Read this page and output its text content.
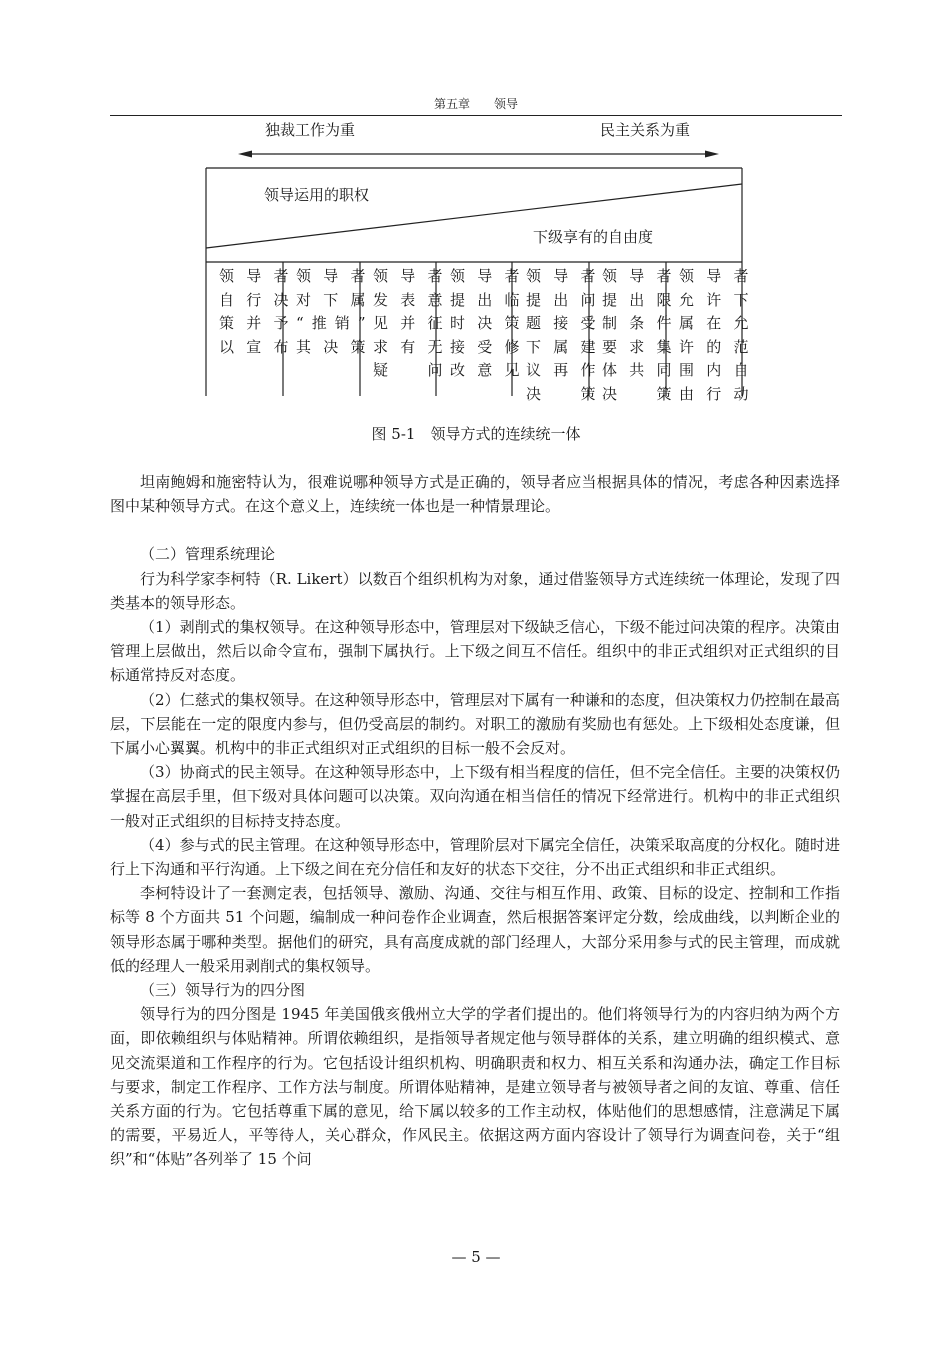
第五章 领导
独裁工作为重	民主关系为重
领导运用的职权
下级享有的自由度
领导者
自行决
策并予
以宣布
领导者
对下属
“推销”
其决策
领导者
发表意
见并征
求有无
疑 问
领导者
提出临
时决策
接受修
改意见
领导者
提出问
题接受
下属建
议再作
决 策
领导者
提出限
制条件
要求集
体共同
决 策
领导者
允许下
属在允
许的范
围内自
由行动
图 5-1　领导方式的连续统一体

坦南鲍姆和施密特认为，很难说哪种领导方式是正确的，领导者应当根据具体的情况，考虑各种因素选择图中某种领导方式。在这个意义上，连续统一体也是一种情景理论。

（二）管理系统理论

行为科学家李柯特（R. Likert）以数百个组织机构为对象，通过借鉴领导方式连续统一体理论，发现了四类基本的领导形态。

（1）剥削式的集权领导。在这种领导形态中，管理层对下级缺乏信心，下级不能过问决策的程序。决策由管理上层做出，然后以命令宣布，强制下属执行。上下级之间互不信任。组织中的非正式组织对正式组织的目标通常持反对态度。

（2）仁慈式的集权领导。在这种领导形态中，管理层对下属有一种谦和的态度，但决策权力仍控制在最高层，下层能在一定的限度内参与，但仍受高层的制约。对职工的激励有奖励也有惩处。上下级相处态度谦，但下属小心翼翼。机构中的非正式组织对正式组织的目标一般不会反对。

（3）协商式的民主领导。在这种领导形态中，上下级有相当程度的信任，但不完全信任。主要的决策权仍掌握在高层手里，但下级对具体问题可以决策。双向沟通在相当信任的情况下经常进行。机构中的非正式组织一般对正式组织的目标持支持态度。

（4）参与式的民主管理。在这种领导形态中，管理阶层对下属完全信任，决策采取高度的分权化。随时进行上下沟通和平行沟通。上下级之间在充分信任和友好的状态下交往，分不出正式组织和非正式组织。

李柯特设计了一套测定表，包括领导、激励、沟通、交往与相互作用、政策、目标的设定、控制和工作指标等 8 个方面共 51 个问题，编制成一种问卷作企业调查，然后根据答案评定分数，绘成曲线，以判断企业的领导形态属于哪种类型。据他们的研究，具有高度成就的部门经理人，大部分采用参与式的民主管理，而成就低的经理人一般采用剥削式的集权领导。

（三）领导行为的四分图

领导行为的四分图是 1945 年美国俄亥俄州立大学的学者们提出的。他们将领导行为的内容归纳为两个方面，即依赖组织与体贴精神。所谓依赖组织，是指领导者规定他与领导群体的关系，建立明确的组织模式、意见交流渠道和工作程序的行为。它包括设计组织机构、明确职责和权力、相互关系和沟通办法，确定工作目标与要求，制定工作程序、工作方法与制度。所谓体贴精神，是建立领导者与被领导者之间的友谊、尊重、信任关系方面的行为。它包括尊重下属的意见，给下属以较多的工作主动权，体贴他们的思想感情，注意满足下属的需要，平易近人，平等待人，关心群众，作风民主。依据这两方面内容设计了领导行为调查问卷，关于“组织”和“体贴”各列举了 15 个问

— 5 —
